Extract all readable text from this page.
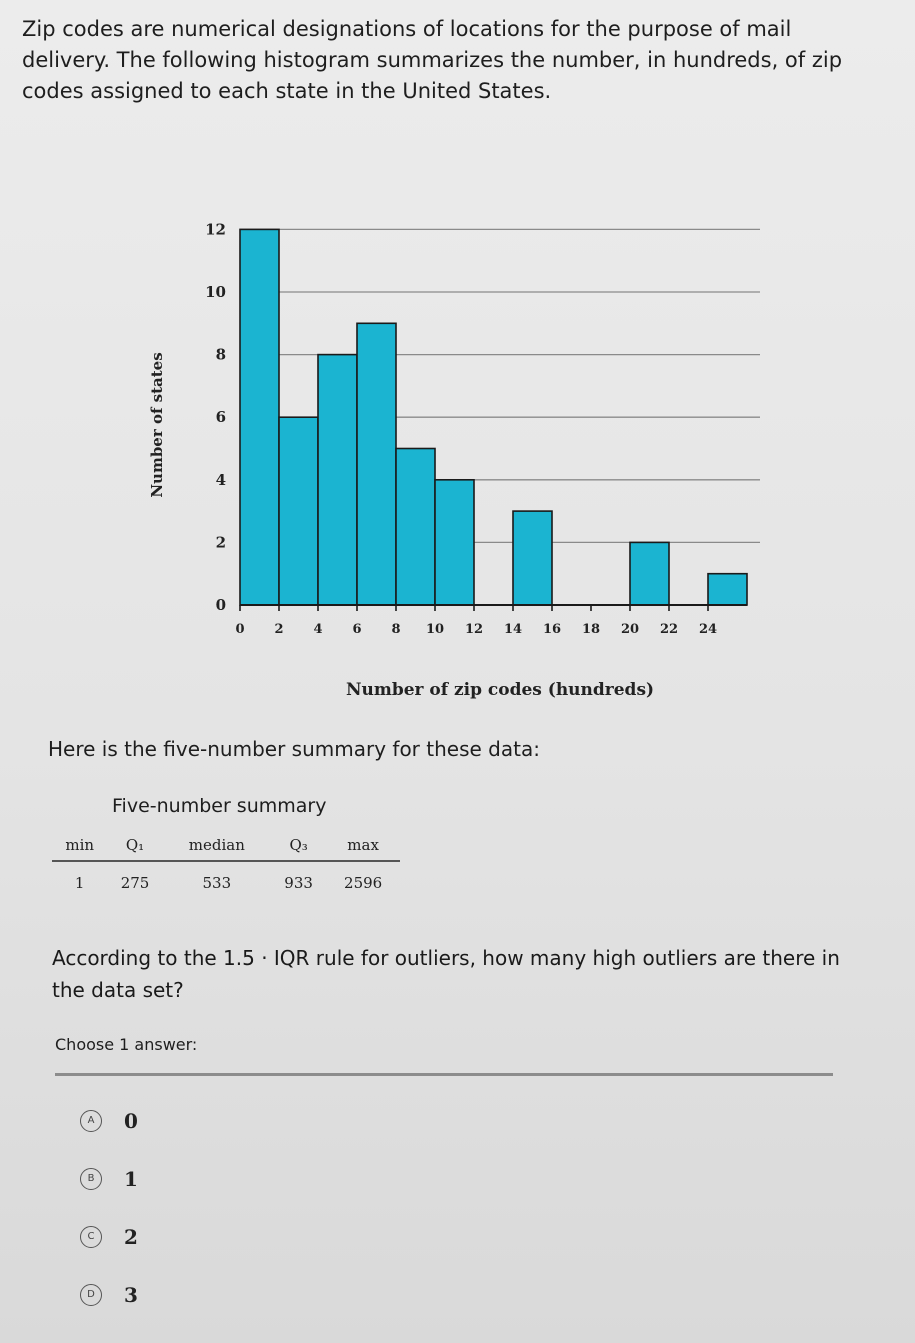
Zip codes are numerical designations of locations for the purpose of mail delivery. The following histogram summarizes the number, in hundreds, of zip codes assigned to each state in the United States.
0
2
4
6
8
10
12
0 2 4 6 8 10 12 14 16 18 20 22 24
Number of states
Number of zip codes (hundreds)
Here is the five-number summary for these data:
Five-number summary
min	Q₁	median	Q₃	max
1	275	533	933	2596
According to the 1.5 · IQR rule for outliers, how many high outliers are there in the data set?
Choose 1 answer:
A	0
B	1
C	2
D	3
